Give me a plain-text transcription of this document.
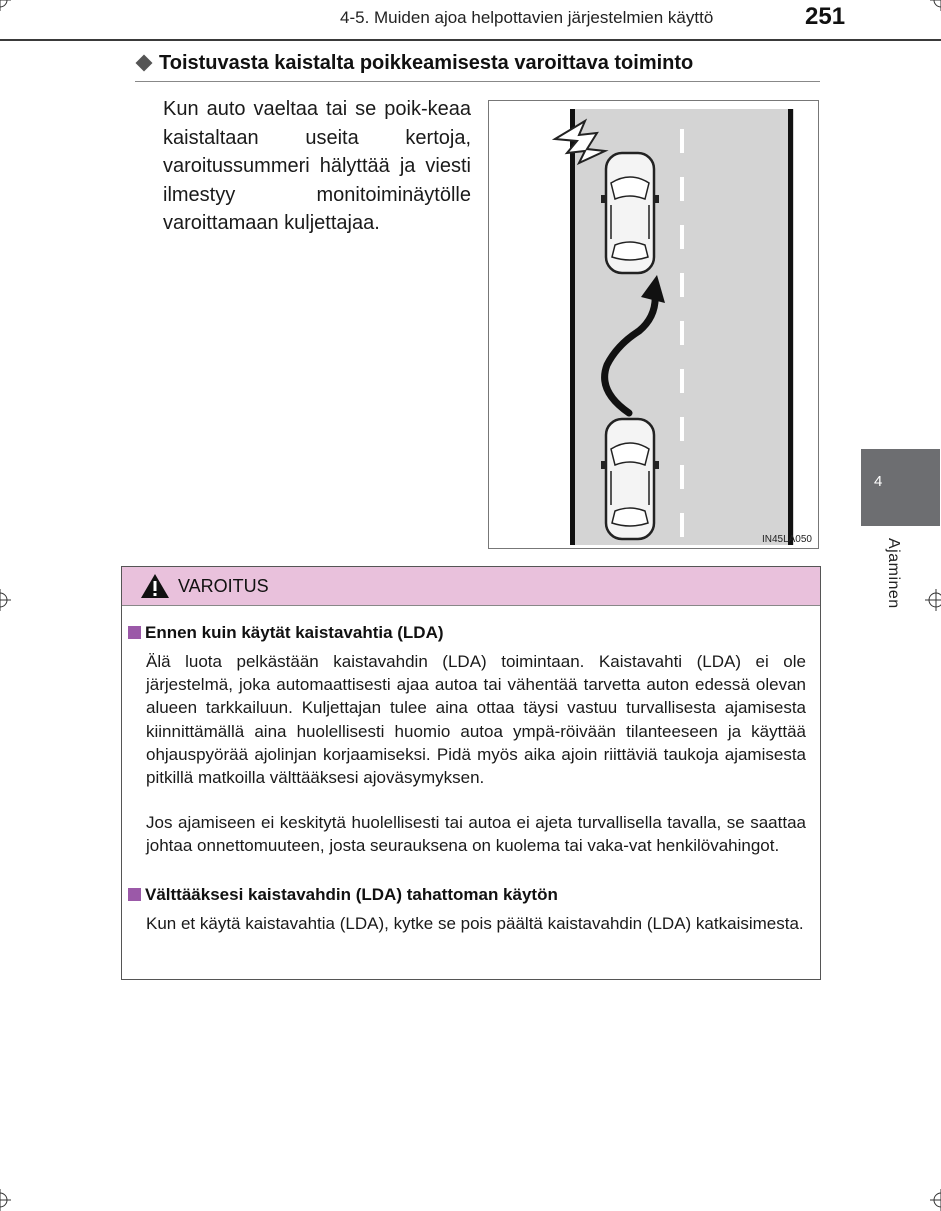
4-5. Muiden ajoa helpottavien järjestelmien käyttö	251
Toistuvasta kaistalta poikkeamisesta varoittava toiminto

Kun auto vaeltaa tai se poik-keaa kaistaltaan useita kertoja, varoitussummeri hälyttää ja viesti ilmestyy monitoiminäytölle varoittamaan kuljettajaa.

IN45LA050
4
Ajaminen
VAROITUS
Ennen kuin käytät kaistavahtia (LDA)

Älä luota pelkästään kaistavahdin (LDA) toimintaan. Kaistavahti (LDA) ei ole järjestelmä, joka automaattisesti ajaa autoa tai vähentää tarvetta auton edessä olevan alueen tarkkailuun. Kuljettajan tulee aina ottaa täysi vastuu turvallisesta ajamisesta kiinnittämällä aina huolellisesti huomio autoa ympä-röivään tilanteeseen ja käyttää ohjauspyörää ajolinjan korjaamiseksi. Pidä myös aika ajoin riittäviä taukoja ajamisesta pitkillä matkoilla välttääksesi ajoväsymyksen.

Jos ajamiseen ei keskitytä huolellisesti tai autoa ei ajeta turvallisella tavalla, se saattaa johtaa onnettomuuteen, josta seurauksena on kuolema tai vaka-vat henkilövahingot.

Välttääksesi kaistavahdin (LDA) tahattoman käytön

Kun et käytä kaistavahtia (LDA), kytke se pois päältä kaistavahdin (LDA) katkaisimesta.
